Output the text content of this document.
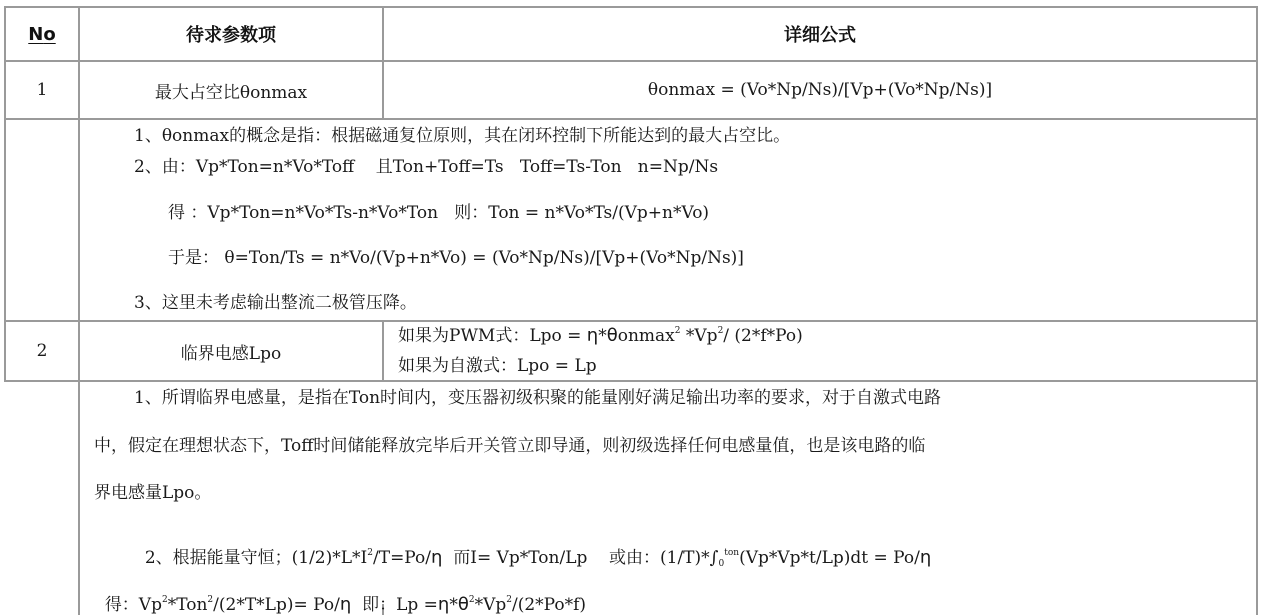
No	待求参数项	详细公式
1	最大占空比θonmax	θonmax = (Vo*Np/Ns)/[Vp+(Vo*Np/Ns)]
1、θonmax的概念是指：根据磁通复位原则，其在闭环控制下所能达到的最大占空比。
2、由：Vp*Ton=n*Vo*Toff    且Ton+Toff=Ts   Toff=Ts-Ton   n=Np/Ns
得 ：Vp*Ton=n*Vo*Ts-n*Vo*Ton   则：Ton = n*Vo*Ts/(Vp+n*Vo)
于是： θ=Ton/Ts = n*Vo/(Vp+n*Vo) = (Vo*Np/Ns)/[Vp+(Vo*Np/Ns)]
3、这里未考虑输出整流二极管压降。
2	临界电感Lpo
如果为PWM式：Lpo = η*θonmax$^2$ *Vp$^2$/ (2*f*Po)
如果为自激式：Lpo = Lp
1、所谓临界电感量，是指在Ton时间内，变压器初级积聚的能量刚好满足输出功率的要求，对于自激式电路
中，假定在理想状态下，Toff时间储能释放完毕后开关管立即导通，则初级选择任何电感量值，也是该电路的临
界电感量Lpo。

2、根据能量守恒；$(1/2)*L*I^2/T=Po/\eta$  而I= Vp*Ton/Lp    或由：$(1/T)*\int_0^{ton}(Vp*Vp*t/Lp)dt = Po/\eta$

得：$Vp^2*Ton^2/(2*T*Lp)= Po/\eta$  即：$Lp =\eta*\theta^2*Vp^2/(2*Po*f)$
